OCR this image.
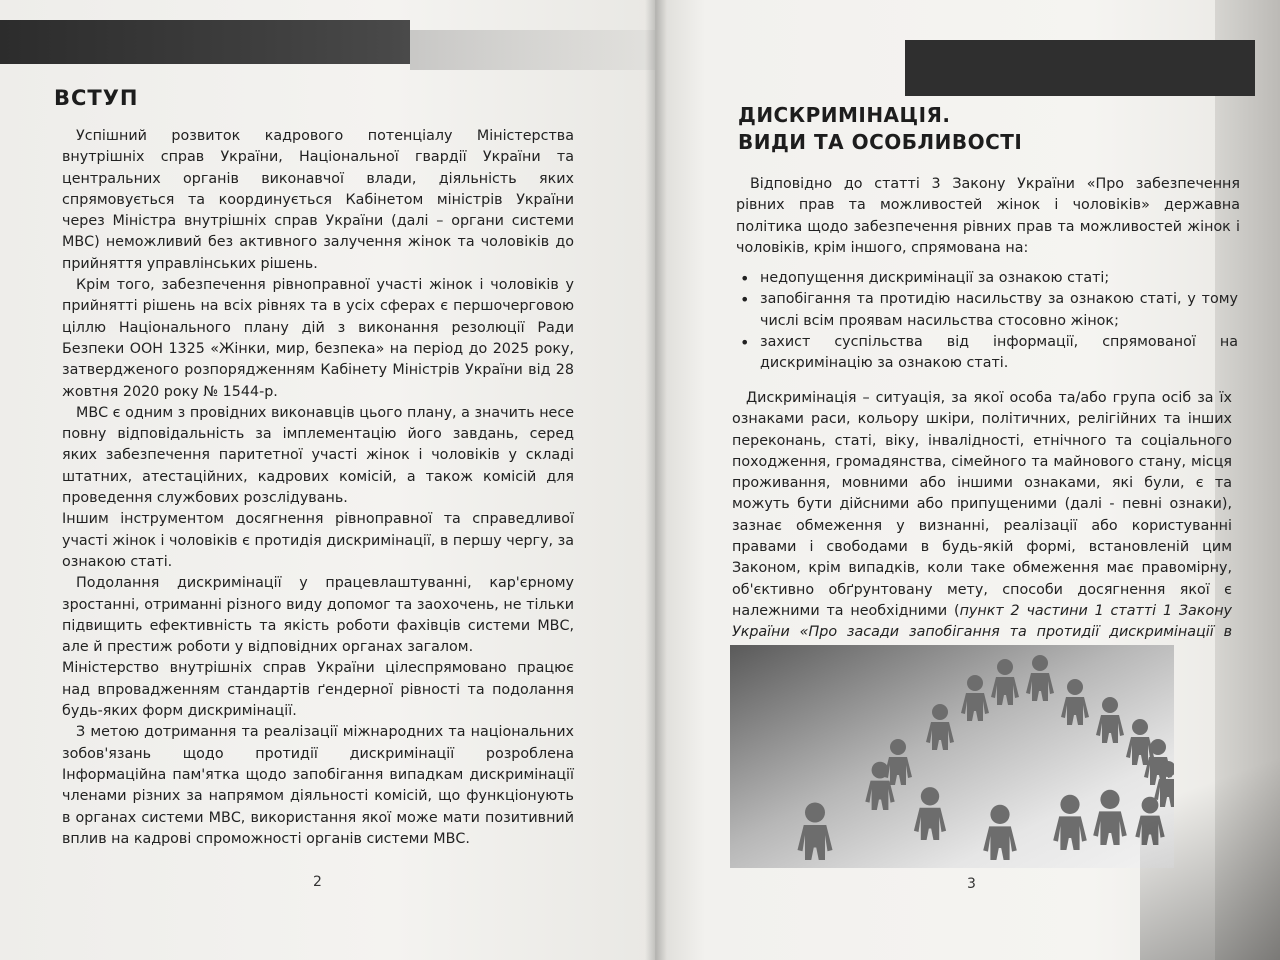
ВСТУП

Успішний розвиток кадрового потенціалу Міністерства внутрішніх справ України, Національної гвардії України та центральних органів виконавчої влади, діяльність яких спрямовується та координується Кабінетом міністрів України через Міністра внутрішніх справ України (далі – органи системи МВС) неможливий без активного залучення жінок та чоловіків до прийняття управлінських рішень.

Крім того, забезпечення рівноправної участі жінок і чоловіків у прийнятті рішень на всіх рівнях та в усіх сферах є першочерговою ціллю Національного плану дій з виконання резолюції Ради Безпеки ООН 1325 «Жінки, мир, безпека» на період до 2025 року, затвердженого розпорядженням Кабінету Міністрів України від 28 жовтня 2020 року № 1544-р.

МВС є одним з провідних виконавців цього плану, а значить несе повну відповідальність за імплементацію його завдань, серед яких забезпечення паритетної участі жінок і чоловіків у складі штатних, атестаційних, кадрових комісій, а також комісій для проведення службових розслідувань.

Іншим інструментом досягнення рівноправної та справедливої участі жінок і чоловіків є протидія дискримінації, в першу чергу, за ознакою статі.

Подолання дискримінації у працевлаштуванні, кар'єрному зростанні, отриманні різного виду допомог та заохочень, не тільки підвищить ефективність та якість роботи фахівців системи МВС, але й престиж роботи у відповідних органах загалом.

Міністерство внутрішніх справ України цілеспрямовано працює над впровадженням стандартів ґендерної рівності та подолання будь-яких форм дискримінації.

З метою дотримання та реалізації міжнародних та національних зобов'язань щодо протидії дискримінації розроблена Інформаційна пам'ятка щодо запобігання випадкам дискримінації членами різних за напрямом діяльності комісій, що функціонують в органах системи МВС, використання якої може мати позитивний вплив на кадрові спроможності органів системи МВС.

2
ДИСКРИМІНАЦІЯ.
ВИДИ ТА ОСОБЛИВОСТІ

Відповідно до статті 3 Закону України «Про забезпечення рівних прав та можливостей жінок і чоловіків» державна політика щодо забезпечення рівних прав та можливостей жінок і чоловіків, крім іншого, спрямована на:

• недопущення дискримінації за ознакою статі;
• запобігання та протидію насильству за ознакою статі, у тому числі всім проявам насильства стосовно жінок;
• захист суспільства від інформації, спрямованої на дискримінацію за ознакою статі.

Дискримінація – ситуація, за якої особа та/або група осіб за їх ознаками раси, кольору шкіри, політичних, релігійних та інших переконань, статі, віку, інвалідності, етнічного та соціального походження, громадянства, сімейного та майнового стану, місця проживання, мовними або іншими ознаками, які були, є та можуть бути дійсними або припущеними (далі - певні ознаки), зазнає обмеження у визнанні, реалізації або користуванні правами і свободами в будь-якій формі, встановленій цим Законом, крім випадків, коли таке обмеження має правомірну, об'єктивно обґрунтовану мету, способи досягнення якої є належними та необхідними (пункт 2 частини 1 статті 1 Закону України «Про засади запобігання та протидії дискримінації в

3
